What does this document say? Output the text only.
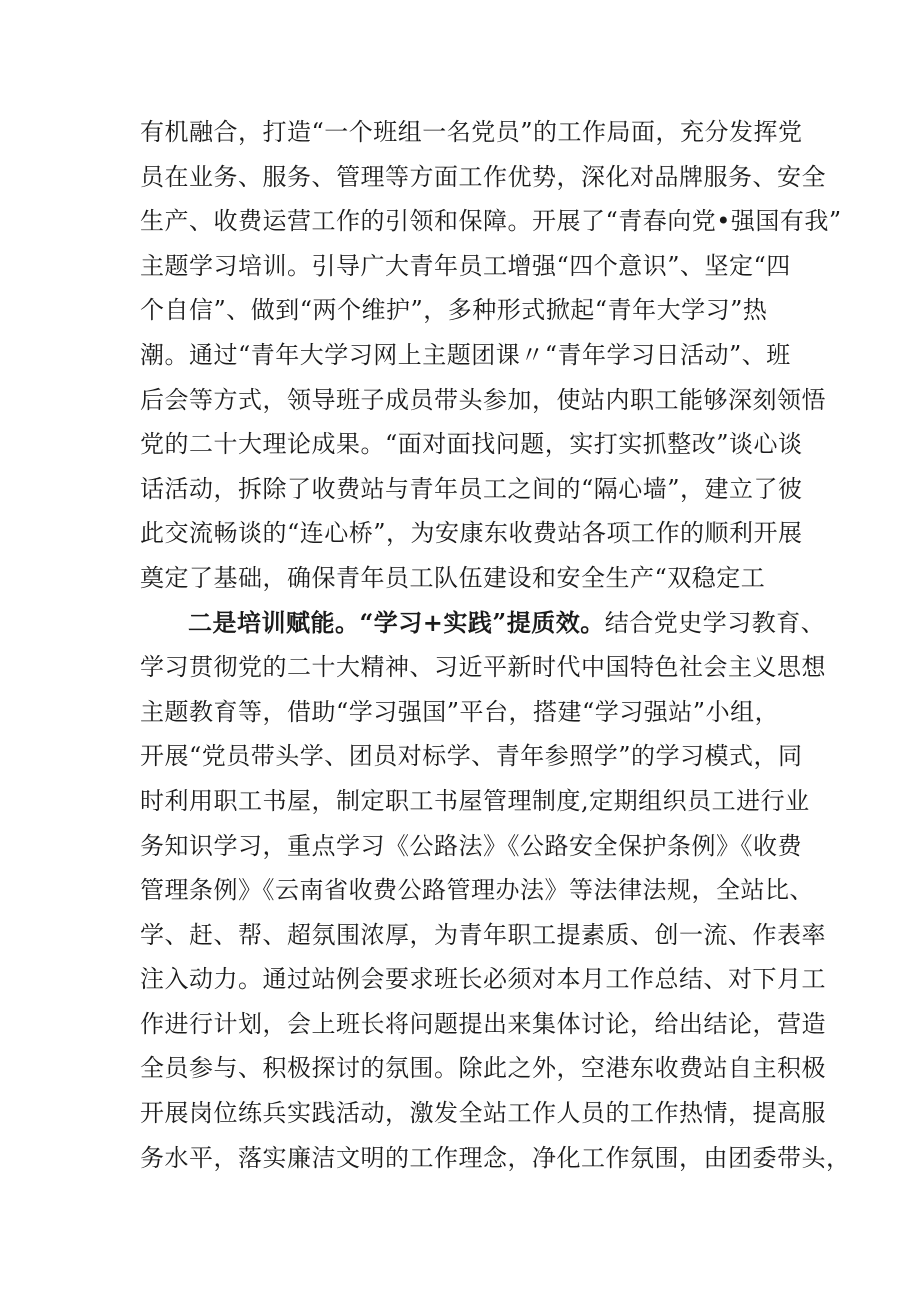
有机融合，打造“一个班组一名党员”的工作局面，充分发挥党
员在业务、服务、管理等方面工作优势，深化对品牌服务、安全
生产、收费运营工作的引领和保障。开展了“青春向党•强国有我”
主题学习培训。引导广大青年员工增强“四个意识”、坚定“四
个自信”、做到“两个维护”，多种形式掀起“青年大学习”热
潮。通过“青年大学习网上主题团课〃“青年学习日活动”、班
后会等方式，领导班子成员带头参加，使站内职工能够深刻领悟
党的二十大理论成果。“面对面找问题，实打实抓整改”谈心谈
话活动，拆除了收费站与青年员工之间的“隔心墙”，建立了彼
此交流畅谈的“连心桥”，为安康东收费站各项工作的顺利开展
奠定了基础，确保青年员工队伍建设和安全生产“双稳定工
二是培训赋能。“学习+实践”提质效。结合党史学习教育、
学习贯彻党的二十大精神、习近平新时代中国特色社会主义思想
主题教育等，借助“学习强国”平台，搭建“学习强站”小组，
开展“党员带头学、团员对标学、青年参照学”的学习模式，同
时利用职工书屋，制定职工书屋管理制度,定期组织员工进行业
务知识学习，重点学习《公路法》《公路安全保护条例》《收费
管理条例》《云南省收费公路管理办法》等法律法规，全站比、
学、赶、帮、超氛围浓厚，为青年职工提素质、创一流、作表率
注入动力。通过站例会要求班长必须对本月工作总结、对下月工
作进行计划，会上班长将问题提出来集体讨论，给出结论，营造
全员参与、积极探讨的氛围。除此之外，空港东收费站自主积极
开展岗位练兵实践活动，激发全站工作人员的工作热情，提高服
务水平，落实廉洁文明的工作理念，净化工作氛围，由团委带头，
